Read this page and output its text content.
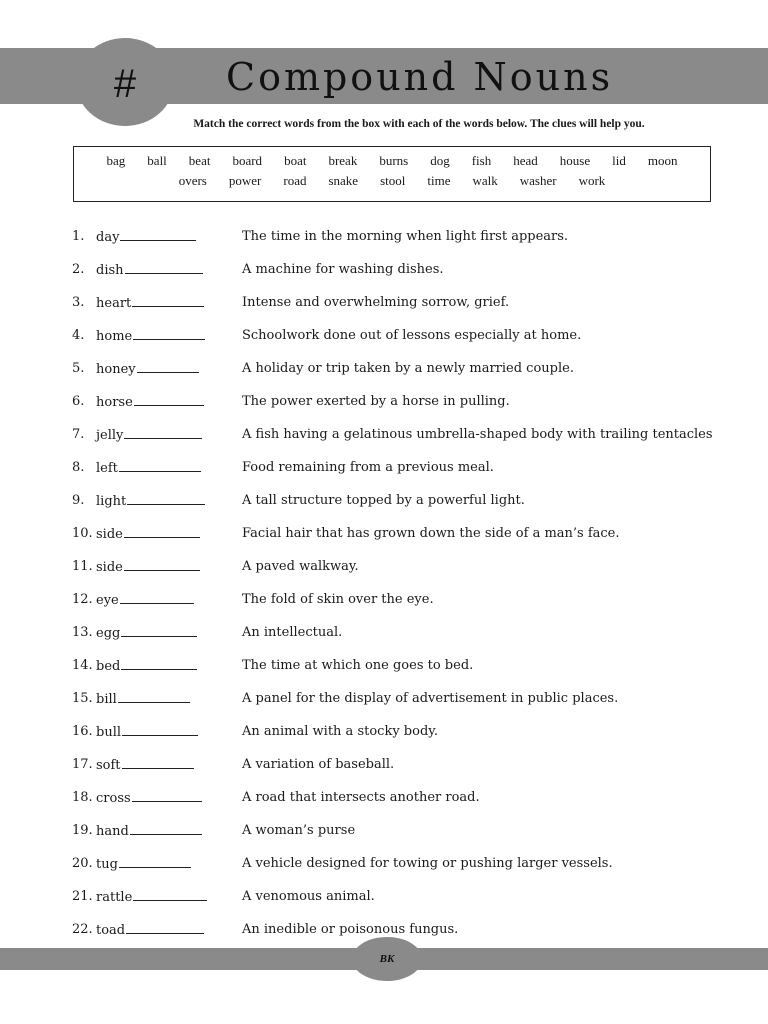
# Compound Nouns
Match the correct words from the box with each of the words below. The clues will help you.
bag	ball	beat	board	boat	break	burns	dog	fish	head	house	lid	moon
overs	power	road	snake	stool	time	walk	washer	work
1. day	The time in the morning when light first appears.
2. dish	A machine for washing dishes.
3. heart	Intense and overwhelming sorrow, grief.
4. home	Schoolwork done out of lessons especially at home.
5. honey	A holiday or trip taken by a newly married couple.
6. horse	The power exerted by a horse in pulling.
7. jelly	A fish having a gelatinous umbrella-shaped body with trailing tentacles
8. left	Food remaining from a previous meal.
9. light	A tall structure topped by a powerful light.
10. side	Facial hair that has grown down the side of a man’s face.
11. side	A paved walkway.
12. eye	The fold of skin over the eye.
13. egg	An intellectual.
14. bed	The time at which one goes to bed.
15. bill	A panel for the display of advertisement in public places.
16. bull	An animal with a stocky body.
17. soft	A variation of baseball.
18. cross	A road that intersects another road.
19. hand	A woman’s purse
20. tug	A vehicle designed for towing or pushing larger vessels.
21. rattle	A venomous animal.
22. toad	An inedible or poisonous fungus.
BK
